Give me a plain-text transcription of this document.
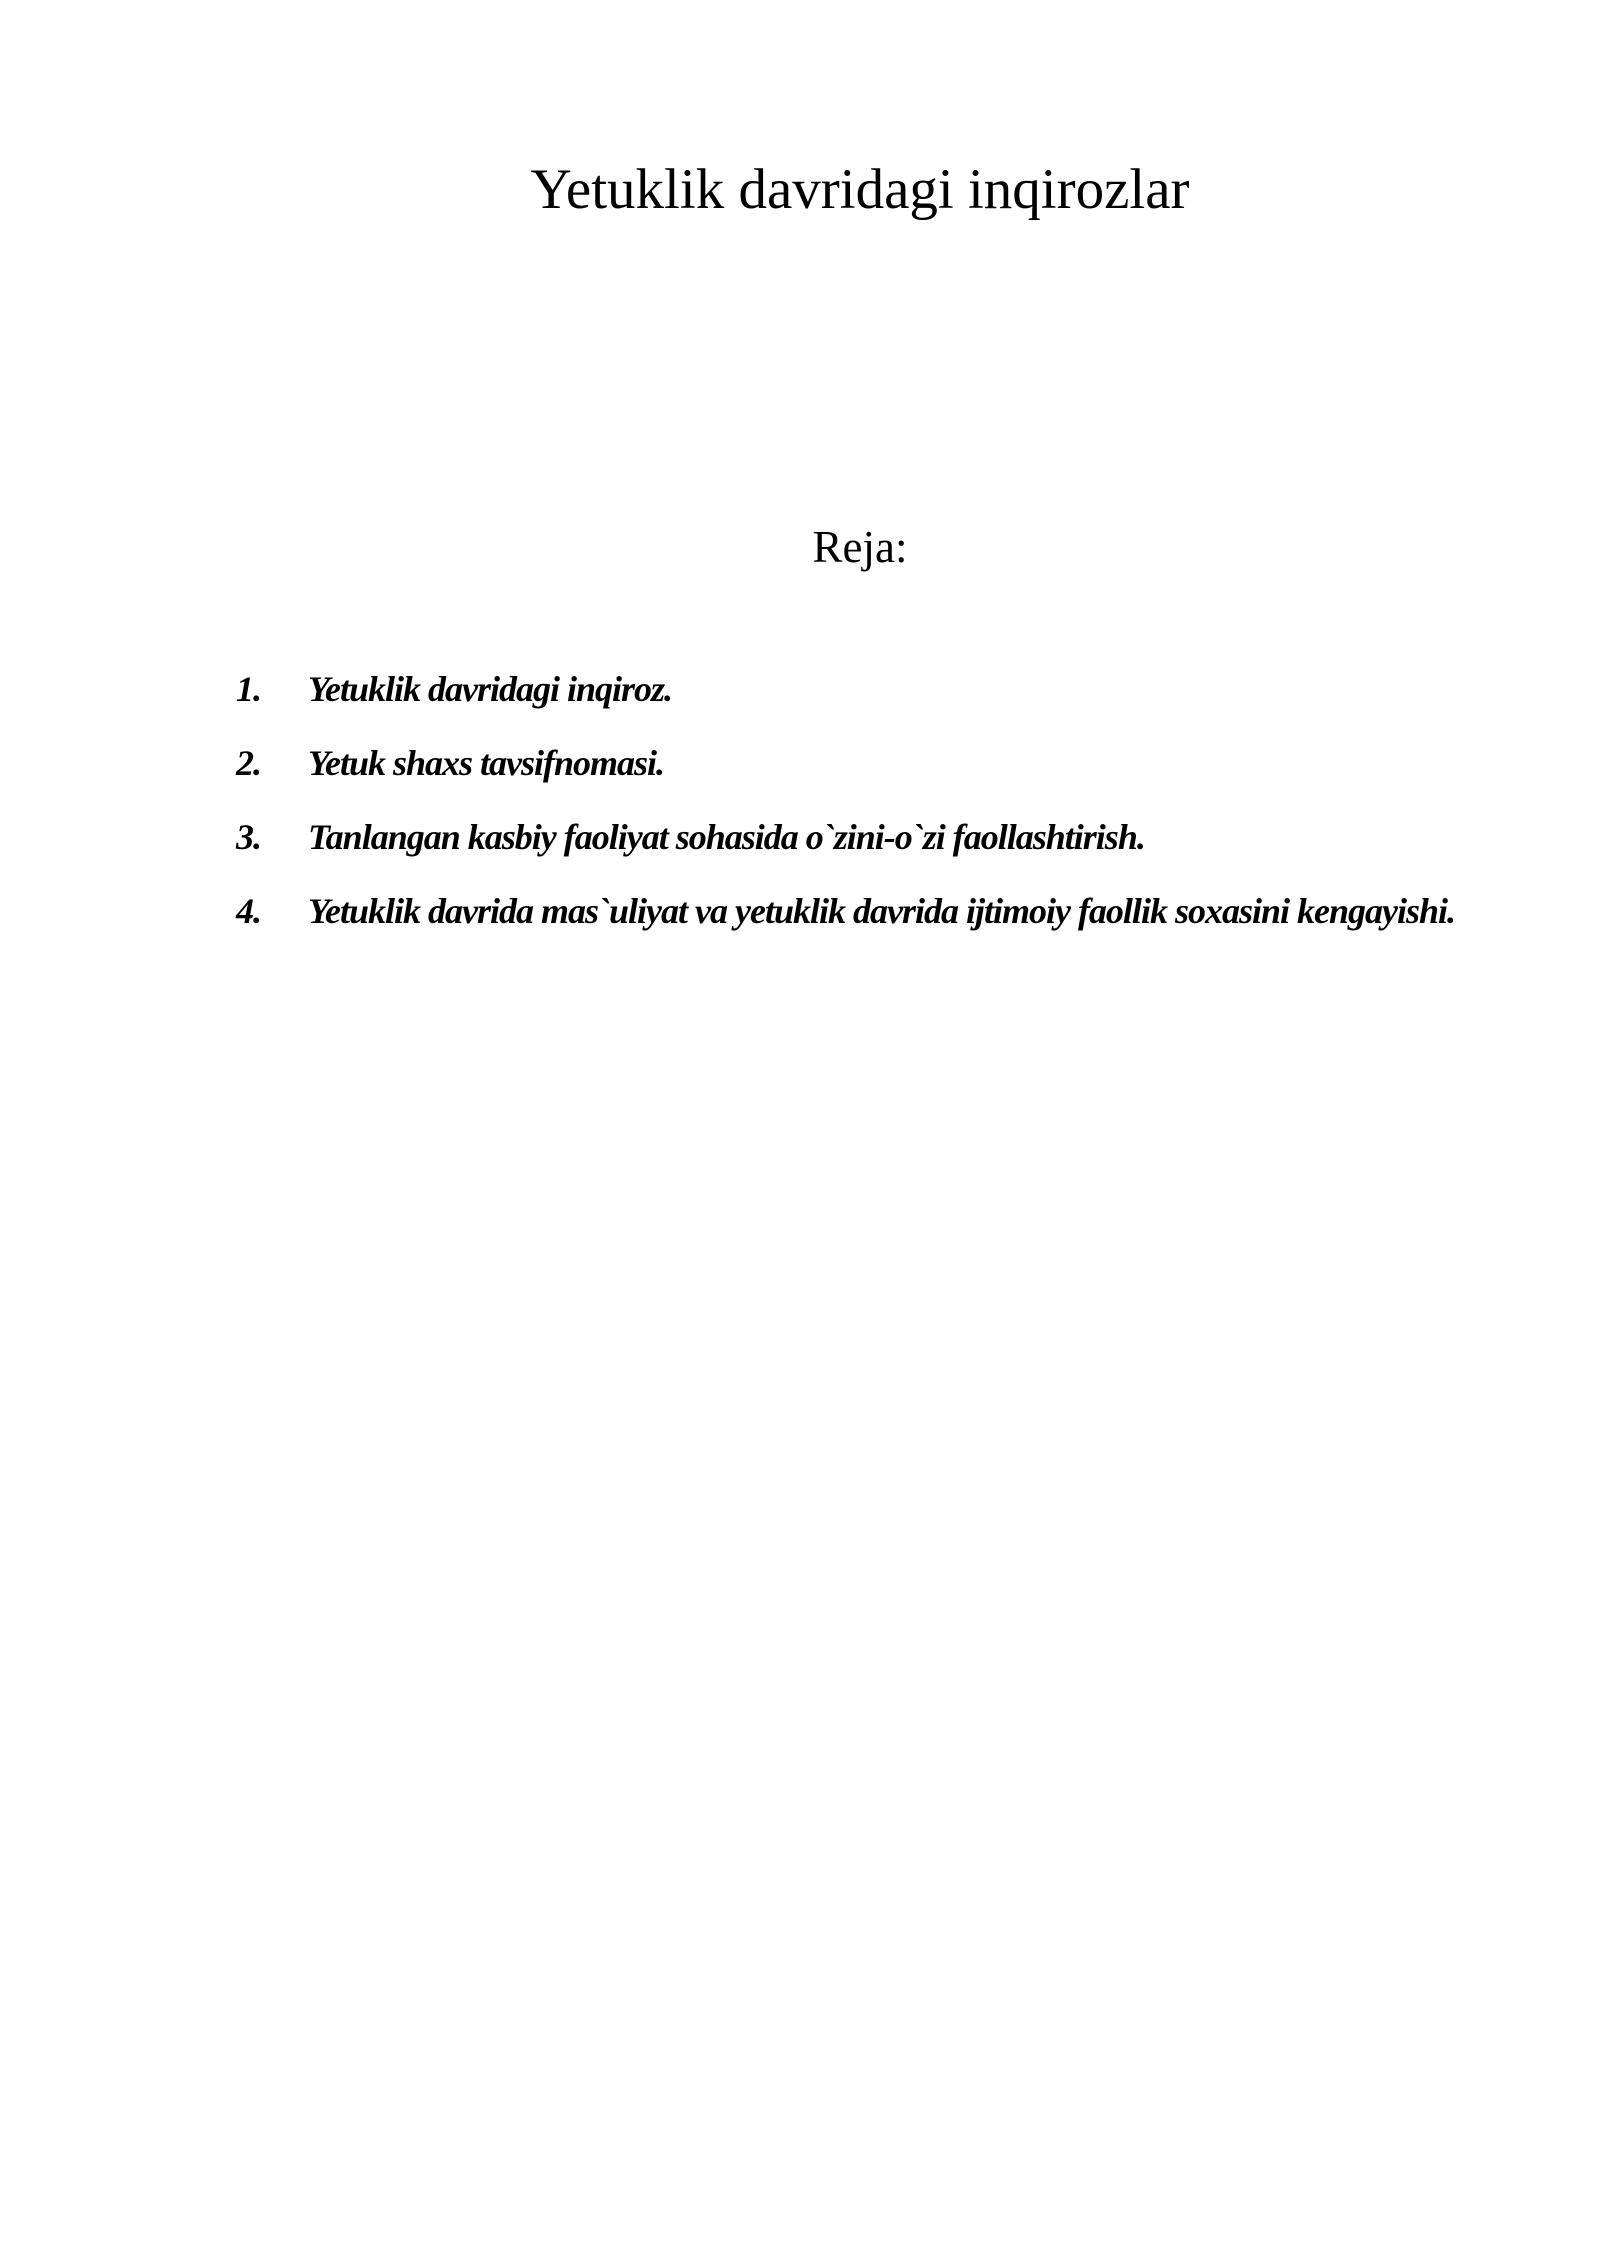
Yetuklik davridagi inqirozlar
Reja:
1.	Yetuklik davridagi inqiroz.
2.	Yetuk shaxs tavsifnomasi.
3.	Tanlangan kasbiy faoliyat sohasida o`zini-o`zi faollashtirish.
4.	Yetuklik davrida mas`uliyat va yetuklik davrida ijtimoiy faollik soxasini kengayishi.
